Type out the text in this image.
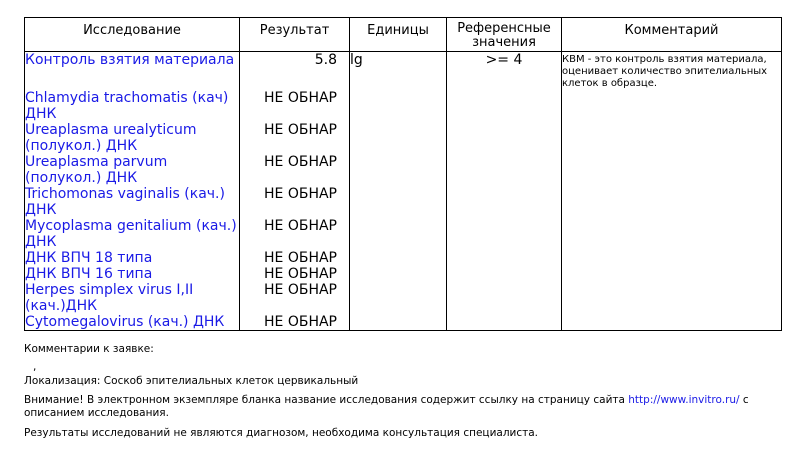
Исследование	Результат	Единицы	Референсные значения	Комментарий
Контроль взятия материала	5.8	lg	>= 4	КВМ - это контроль взятия материала, оценивает количество эпителиальных клеток в образце.
Chlamydia trachomatis (кач) ДНК	НЕ ОБНАР			
Ureaplasma urealyticum (полукол.) ДНК	НЕ ОБНАР			
Ureaplasma parvum (полукол.) ДНК	НЕ ОБНАР			
Trichomonas vaginalis (кач.) ДНК	НЕ ОБНАР			
Mycoplasma genitalium (кач.) ДНК	НЕ ОБНАР			
ДНК ВПЧ 18 типа	НЕ ОБНАР			
ДНК ВПЧ 16 типа	НЕ ОБНАР			
Herpes simplex virus I,II (кач.)ДНК	НЕ ОБНАР			
Cytomegalovirus (кач.) ДНК	НЕ ОБНАР			
Комментарии к заявке:
,
Локализация: Соскоб эпителиальных клеток цервикальный
Внимание! В электронном экземпляре бланка название исследования содержит ссылку на страницу сайта http://www.invitro.ru/ с описанием исследования.
Результаты исследований не являются диагнозом, необходима консультация специалиста.
